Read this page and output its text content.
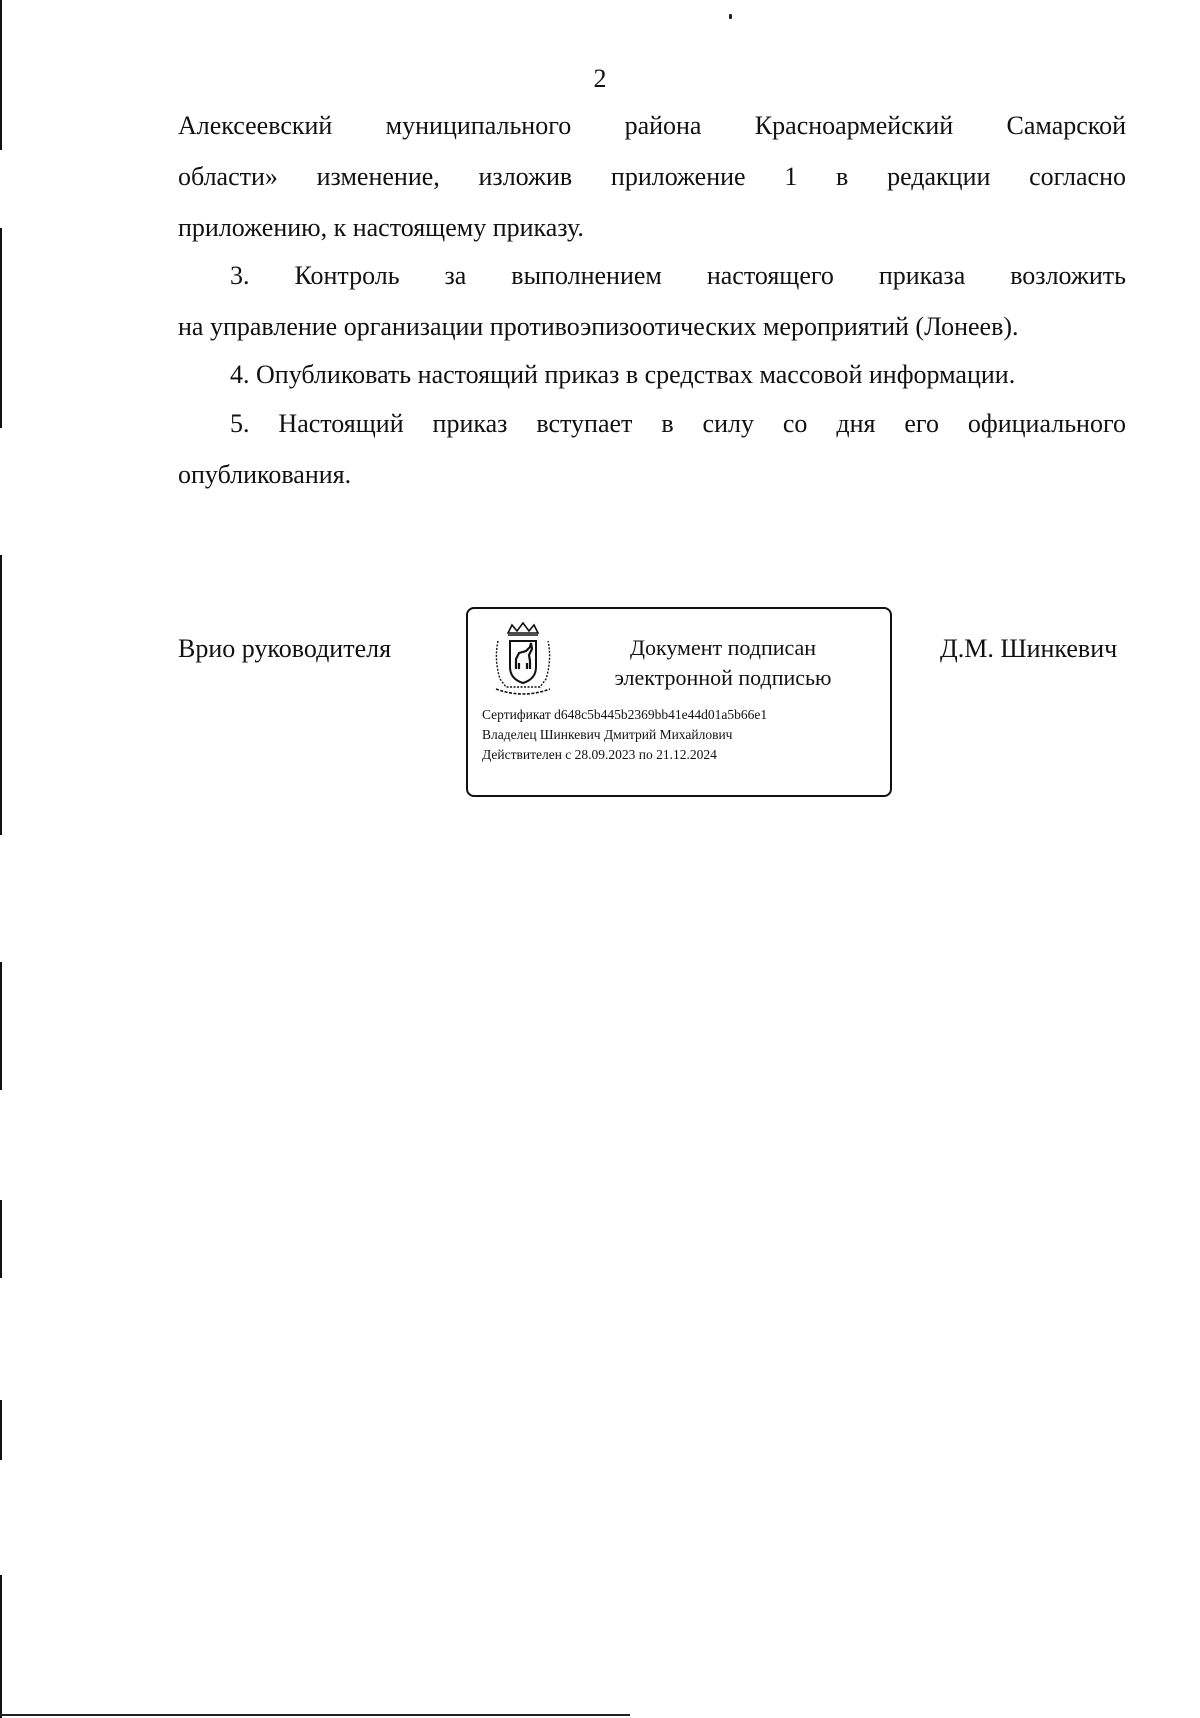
2
Алексеевский муниципального района Красноармейский Самарской
области» изменение, изложив приложение 1 в редакции согласно
приложению, к настоящему приказу.
3. Контроль за выполнением настоящего приказа возложить
на управление организации противоэпизоотических мероприятий (Лонеев).
4. Опубликовать настоящий приказ в средствах массовой информации.
5. Настоящий приказ вступает в силу со дня его официального
опубликования.
Врио руководителя	Д.М. Шинкевич
Документ подписан
электронной подписью
Сертификат d648c5b445b2369bb41e44d01a5b66e1
Владелец Шинкевич Дмитрий Михайлович
Действителен с 28.09.2023 по 21.12.2024
